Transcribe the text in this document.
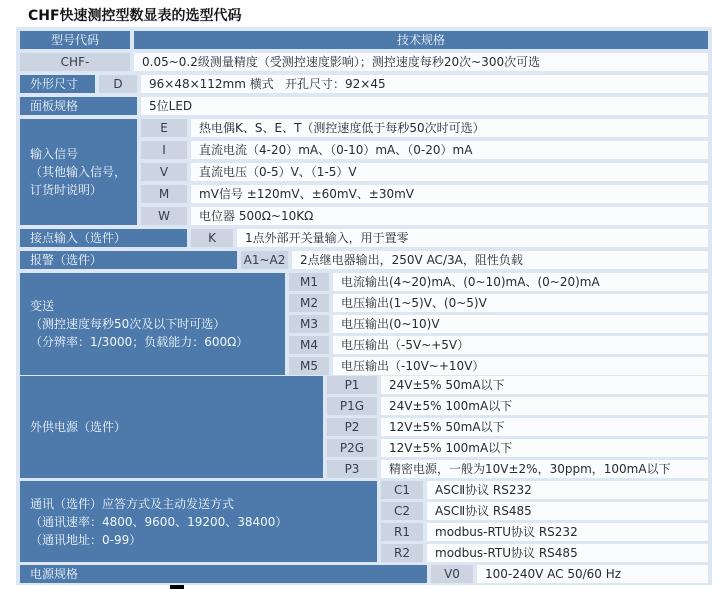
CHF快速测控型数显表的选型代码
型号代码	技术规格
CHF-	0.05~0.2级测量精度（受测控速度影响）；测控速度每秒20次~300次可选
外形尺寸	D	96×48×112mm 横式 开孔尺寸：92×45
面板规格	5位LED
输入信号
（其他输入信号，
订货时说明）
E	热电偶K、S、E、T（测控速度低于每秒50次时可选）
I	直流电流（4-20）mA、（0-10）mA、（0-20）mA
V	直流电压（0-5）V、（1-5）V
M	mV信号 ±120mV、±60mV、±30mV
W	电位器 500Ω~10KΩ
接点输入（选件）	K	1点外部开关量输入，用于置零
报警（选件）	A1~A2	2点继电器输出，250V AC/3A，阻性负载
变送
（测控速度每秒50次及以下时可选）
（分辨率：1/3000；负载能力：600Ω）
M1	电流输出(4~20)mA、(0~10)mA、(0~20)mA
M2	电压输出(1~5)V、(0~5)V
M3	电压输出(0~10)V
M4	电压输出（-5V~+5V）
M5	电压输出（-10V~+10V）
外供电源（选件）
P1	24V±5% 50mA以下
P1G	24V±5% 100mA以下
P2	12V±5% 50mA以下
P2G	12V±5% 100mA以下
P3	精密电源，一般为10V±2%，30ppm，100mA以下
通讯（选件）应答方式及主动发送方式
（通讯速率：4800、9600、19200、38400）
（通讯地址：0-99）
C1	ASCⅡ协议 RS232
C2	ASCⅡ协议 RS485
R1	modbus-RTU协议 RS232
R2	modbus-RTU协议 RS485
电源规格	V0	100-240V AC 50/60 Hz
